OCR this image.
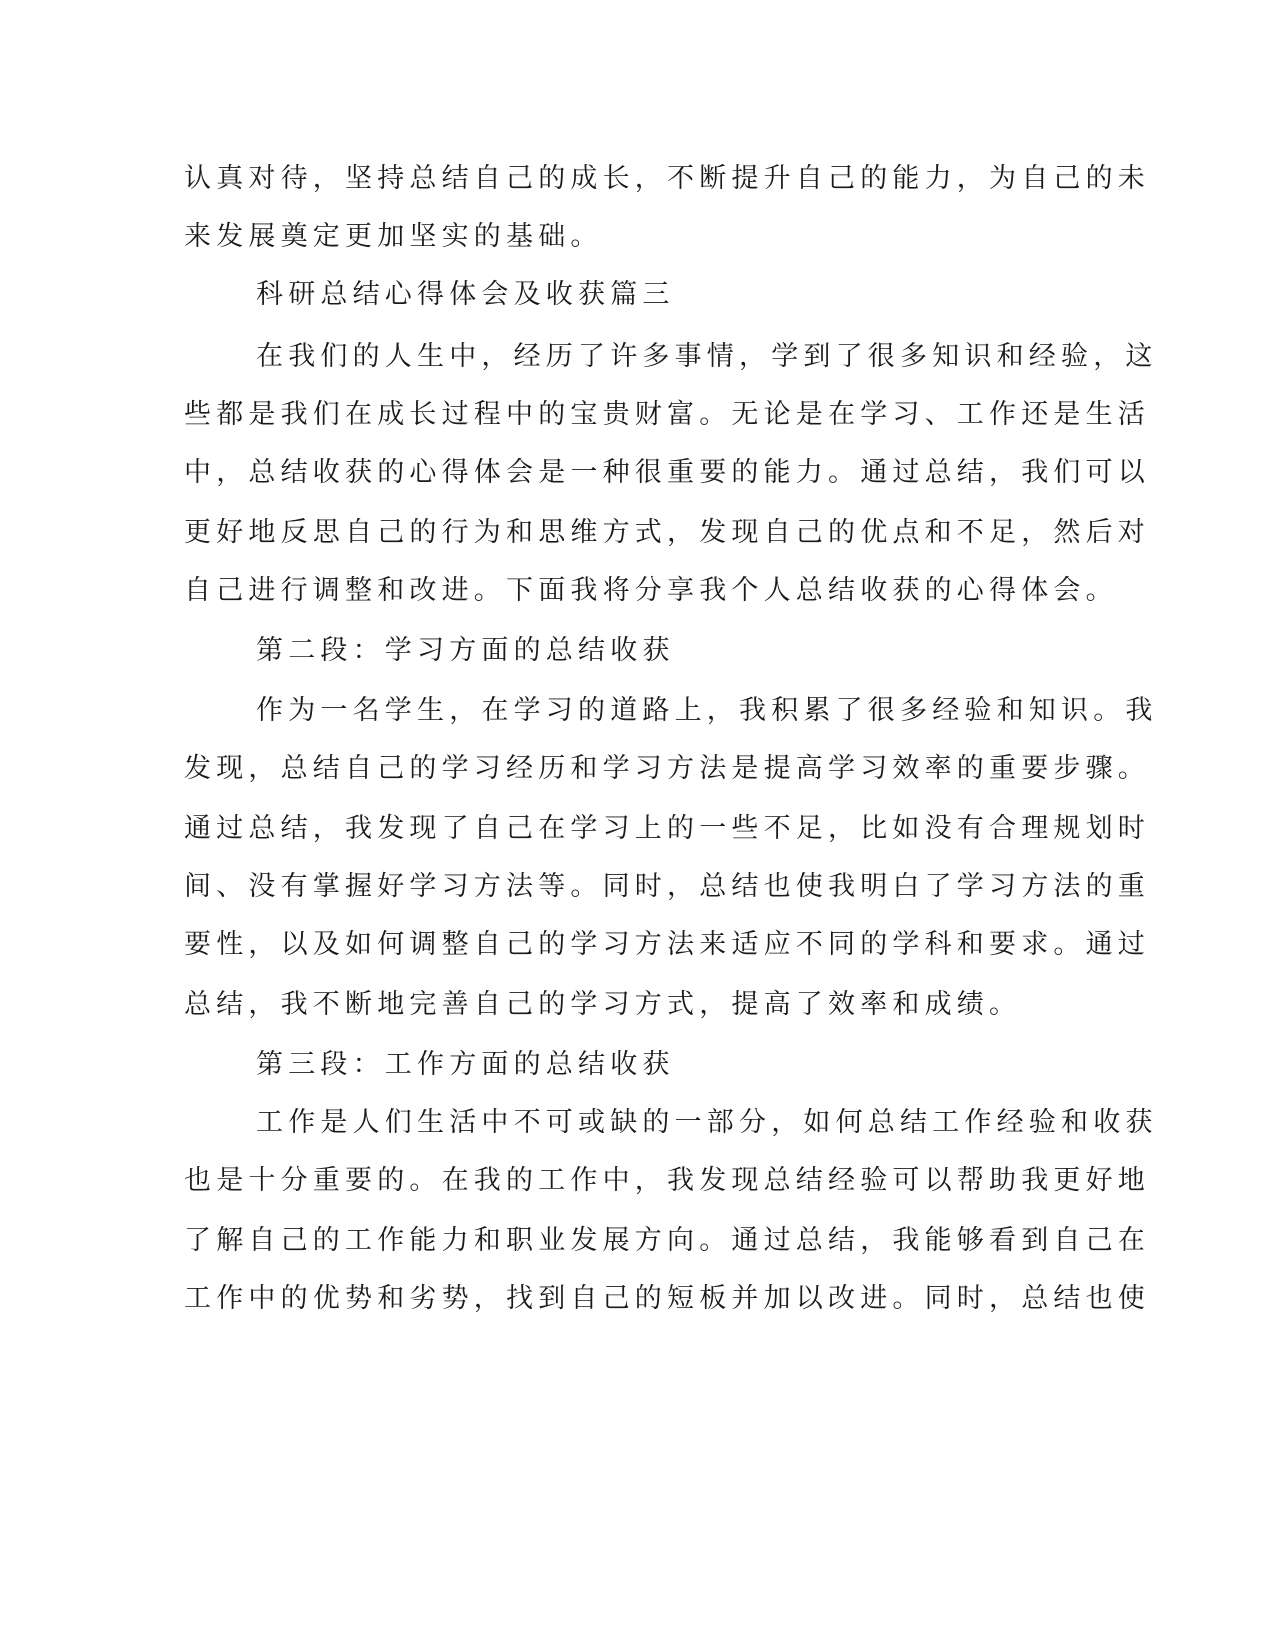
认真对待，坚持总结自己的成长，不断提升自己的能力，为自己的未
来发展奠定更加坚实的基础。
科研总结心得体会及收获篇三
在我们的人生中，经历了许多事情，学到了很多知识和经验，这
些都是我们在成长过程中的宝贵财富。无论是在学习、工作还是生活
中，总结收获的心得体会是一种很重要的能力。通过总结，我们可以
更好地反思自己的行为和思维方式，发现自己的优点和不足，然后对
自己进行调整和改进。下面我将分享我个人总结收获的心得体会。
第二段：学习方面的总结收获
作为一名学生，在学习的道路上，我积累了很多经验和知识。我
发现，总结自己的学习经历和学习方法是提高学习效率的重要步骤。
通过总结，我发现了自己在学习上的一些不足，比如没有合理规划时
间、没有掌握好学习方法等。同时，总结也使我明白了学习方法的重
要性，以及如何调整自己的学习方法来适应不同的学科和要求。通过
总结，我不断地完善自己的学习方式，提高了效率和成绩。
第三段：工作方面的总结收获
工作是人们生活中不可或缺的一部分，如何总结工作经验和收获
也是十分重要的。在我的工作中，我发现总结经验可以帮助我更好地
了解自己的工作能力和职业发展方向。通过总结，我能够看到自己在
工作中的优势和劣势，找到自己的短板并加以改进。同时，总结也使
